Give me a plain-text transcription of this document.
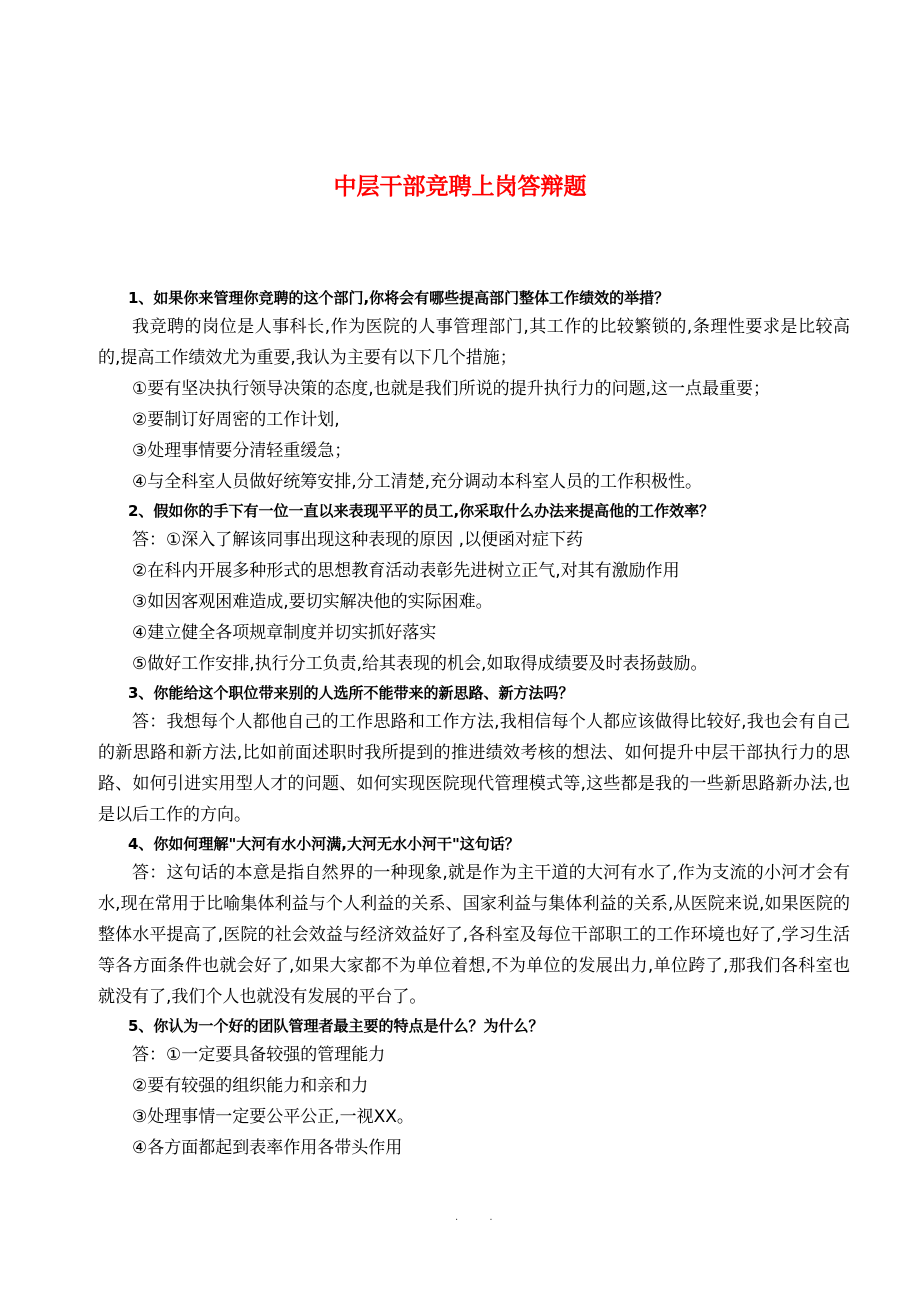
中层干部竞聘上岗答辩题

1、如果你来管理你竞聘的这个部门,你将会有哪些提高部门整体工作绩效的举措？

我竞聘的岗位是人事科长,作为医院的人事管理部门,其工作的比较繁锁的,条理性要求是比较高的,提高工作绩效尤为重要,我认为主要有以下几个措施；

①要有坚决执行领导决策的态度,也就是我们所说的提升执行力的问题,这一点最重要；

②要制订好周密的工作计划,

③处理事情要分清轻重缓急；

④与全科室人员做好统筹安排,分工清楚,充分调动本科室人员的工作积极性。

2、假如你的手下有一位一直以来表现平平的员工,你采取什么办法来提高他的工作效率？

答：①深入了解该同事出现这种表现的原因 ,以便函对症下药

②在科内开展多种形式的思想教育活动表彰先进树立正气,对其有激励作用

③如因客观困难造成,要切实解决他的实际困难。

④建立健全各项规章制度并切实抓好落实

⑤做好工作安排,执行分工负责,给其表现的机会,如取得成绩要及时表扬鼓励。

3、你能给这个职位带来别的人选所不能带来的新思路、新方法吗？

答：我想每个人都他自己的工作思路和工作方法,我相信每个人都应该做得比较好,我也会有自己的新思路和新方法,比如前面述职时我所提到的推进绩效考核的想法、如何提升中层干部执行力的思路、如何引进实用型人才的问题、如何实现医院现代管理模式等,这些都是我的一些新思路新办法,也是以后工作的方向。

4、你如何理解"大河有水小河满,大河无水小河干"这句话？

答：这句话的本意是指自然界的一种现象,就是作为主干道的大河有水了,作为支流的小河才会有水,现在常用于比喻集体利益与个人利益的关系、国家利益与集体利益的关系,从医院来说,如果医院的整体水平提高了,医院的社会效益与经济效益好了,各科室及每位干部职工的工作环境也好了,学习生活等各方面条件也就会好了,如果大家都不为单位着想,不为单位的发展出力,单位跨了,那我们各科室也就没有了,我们个人也就没有发展的平台了。

5、你认为一个好的团队管理者最主要的特点是什么？为什么？

答：①一定要具备较强的管理能力

②要有较强的组织能力和亲和力

③处理事情一定要公平公正,一视XX。

④各方面都起到表率作用各带头作用

. .
